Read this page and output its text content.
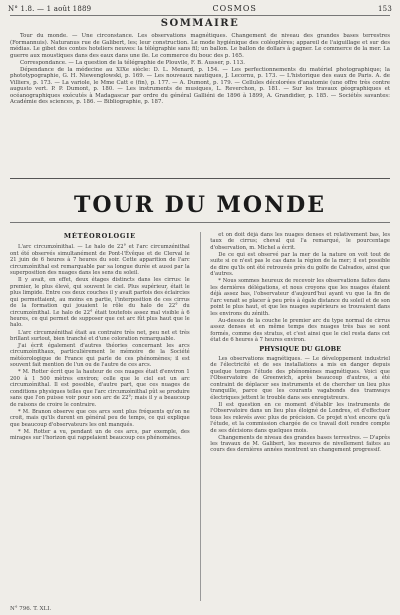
N° 1.8. — 1 août 1889	COSMOS	153
SOMMAIRE

Tour du monde. — Une circonstance. Les observations magnétiques. Changement de niveau des grandes bases terrestres (Formannuis). Naturanus rue de Galibert, les; leur construction. Le mode hygiénique des coléoptères; appareil de l'aiguillage et sur des médias. Le gibet des contes hoteliers neuves: la télégraphie sans fil; un ballon. Le ballon de dollars à gagner. Le commerce de la mer. La guerre aux moustiques dans des eaux dans une ile. Le commerce du bouc des p. 165.

Correspondance. — La question de la télégraphie de Plouvile, F. B. Ausser, p. 113.

Dépendance de la médecine au XIXe siècle: D. L. Menard, p. 154. — Les perfectionnements du matériel photographique; la phototypographie, G. H. Niewenglowski, p. 169. — Les nouveaux nautiques, J. Lecornu, p. 173. — L'historique des eaux de Paris. A. de Villiers, p. 173. — La variole, le Mme Catt e (fin), p. 177. — A. Dumont, p. 179. — Cellules décolorées d'anatomie (une offre très contre augusto vert. P. P. Dumont, p. 180. — Les instruments de musiques, L. Reverchon, p. 181. — Sur les travaux géographiques et océanographiques exécutés à Madagascar par ordre du général Galliéni de 1896 à 1899, A. Grandidier, p. 185. — Sociétés savantes: Académie des sciences, p. 186. — Bibliographie, p. 187.

TOUR DU MONDE
MÉTÉOROLOGIE

L'arc circumzénithal. — Le halo de 22° et l'arc circumzénithal ont été observés simultanément de Pont-l'Évêque et de Clerval le 21 juin de 6 heures à 7 heures du soir. Cette apparition de l'arc circumzénithal est remarquable par sa longue durée et aussi par la superposition des nuages dans les sens du soleil.

Il y avait, en effet, deux étages distincts dans les cirrus: le premier, le plus élevé, qui souvent le ciel. Plus supérieur, était le plus limpide. Entre ces deux couches il y avait parfois des éclaircies qui permettaient, au moins en partie, l'interposition de ces cirrus de la formation qui jouaient le rôle du halo de 22° du circumzénithal. Le halo de 22° était toutefois assez mal visible à 6 heures, ce qui permet de supposer que cet arc fût plus haut que le halo.

L'arc circumzénithal était au contraire très net, peu net et très brillant surtout, bien tranché et d'une coloration remarquable.

J'ai écrit également d'autres théories concernant les arcs circumzénithaux, particulièrement le mémoire de la Société météorologique de France qui parle de ces phénomènes; il est souvent fait mention de l'un ou de l'autre de ces arcs.

* M. Rotter écrit que la hauteur de ces nuages était d'environ 1 200 à 1 500 mètres environ; celle que le ciel est un arc circumzénithal. Il est possible, d'autre part, que ces nuages de conditions physiques telles que l'arc circumzénithal pût se produire sans que l'on puisse voir pour son arc de 22°; mais il y a beaucoup de raisons de croire le contraire.

* M. Branon observe que ces arcs sont plus fréquents qu'on ne croit, mais qu'ils durent en général peu de temps, ce qui explique que beaucoup d'observateurs les ont manqués.

* M. Rotter a vu, pendant un de ces arcs, par exemple, des mirages sur l'horizon qui rappelaient beaucoup ces phénomènes.

et on doit déjà dans les nuages denses et relativement bas, les taux de cirrus; cheval qui l'a remarqué, le pourcentage d'observation, m. Michel a écrit.

De ce qui est observé par la mer de la nature on voit tout de suite si ce n'est pas le cas dans la région de la mer; il est possible de dire qu'ils ont été retrouvés près du golfe de Calvados, ainsi que d'autres.

* Nous sommes heureux de recevoir les observations faites dans les dernières délégations, et nous croyons que les nuages étaient déjà assez bas, l'observateur d'aujourd'hui ayant vu que la fin de l'arc venait se placer à peu près à égale distance du soleil et de son point le plus haut, et que les nuages supérieurs se trouvaient dans les environs du zénith.

Au-dessus de la couche le premier arc du type normal de cirrus assez denses et en même temps des nuages très bas se sont formés, comme des stratus, et c'est ainsi que le ciel resta dans cet état de 6 heures à 7 heures environ.

PHYSIQUE DU GLOBE

Les observations magnétiques. — Le développement industriel de l'électricité et de ses installations a mis en danger depuis quelque temps l'étude des phénomènes magnétiques. Voici que l'Observatoire de Greenwich, après beaucoup d'autres, a été contraint de déplacer ses instruments et de chercher un lieu plus tranquille, parce que les courants vagabonds des tramways électriques jettent le trouble dans ses enregistreurs.

Il est question en ce moment d'établir les instruments de l'Observatoire dans un lieu plus éloigné de Londres, et d'effectuer tous les relevés avec plus de précision. Ce projet n'est encore qu'à l'étude, et la commission chargée de ce travail doit rendre compte de ses décisions dans quelques mois.

Changements de niveau des grandes bases terrestres. — D'après les travaux de M. Galibert, les mesures de nivellement faites au cours des dernières années montrent un changement progressif.

N° 796. T. XLI.
